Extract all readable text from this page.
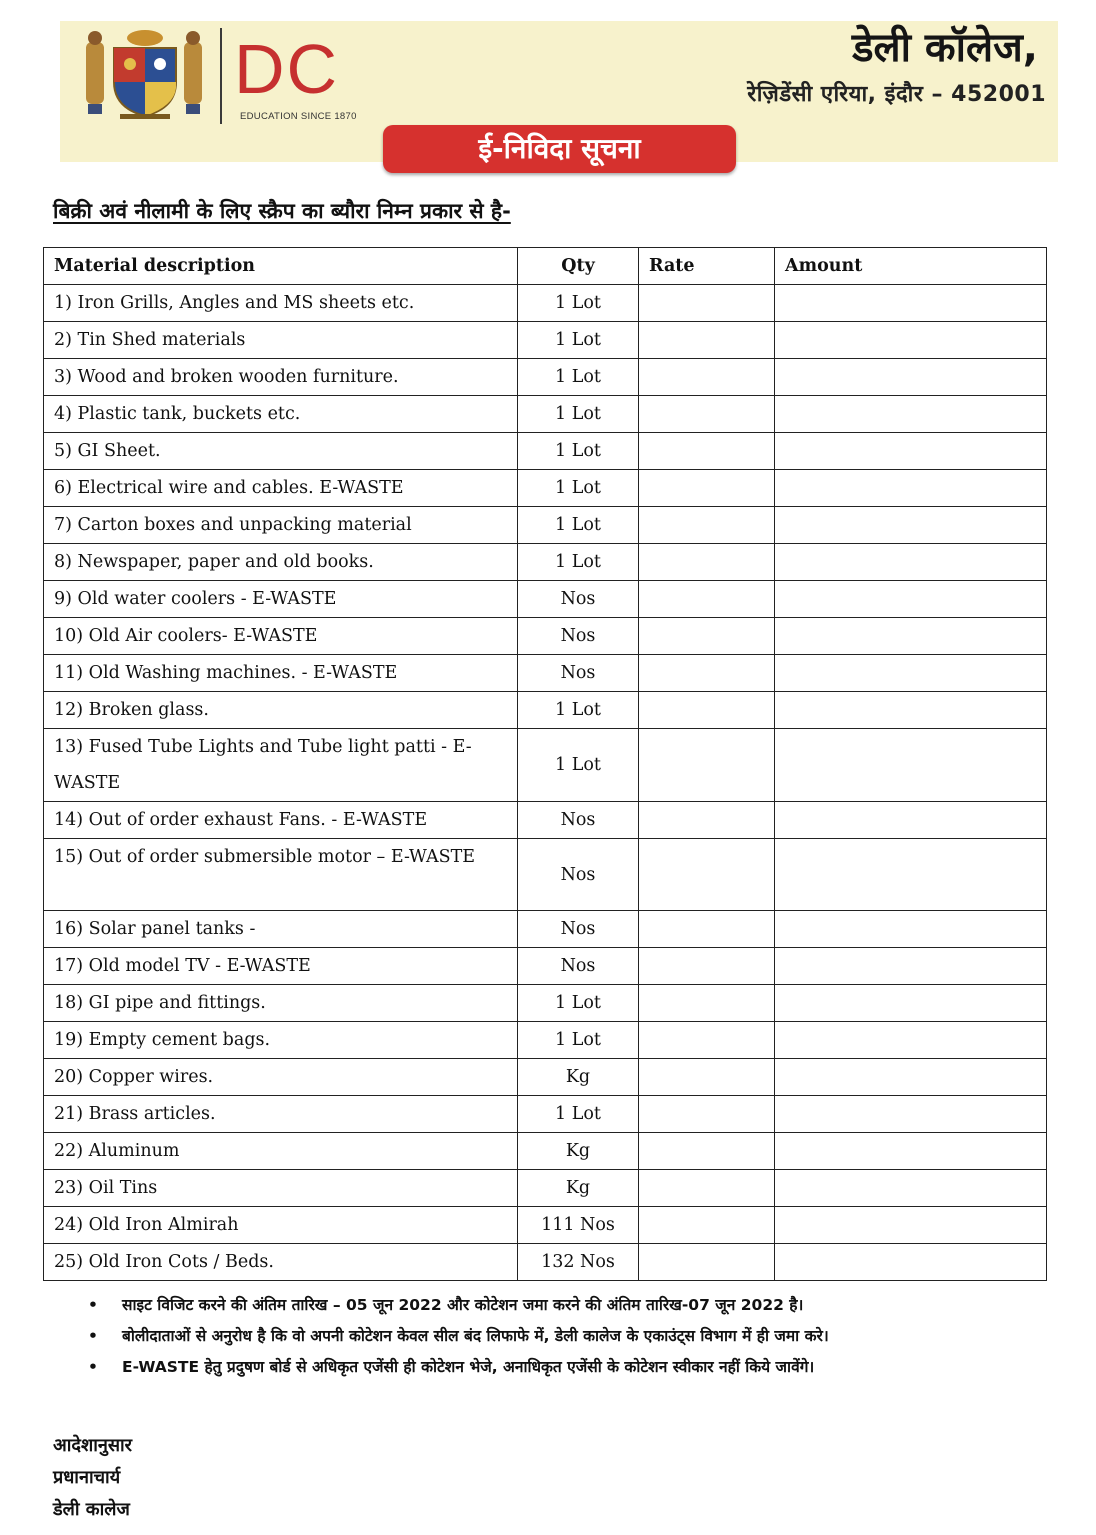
DC
EDUCATION SINCE 1870
डेली कॉलेज,
रेज़िडेंसी एरिया, इंदौर – 452001
ई-निविदा सूचना
बिक्री अवं नीलामी के लिए स्क्रैप का ब्यौरा निम्न प्रकार से है-
Material description	Qty	Rate	Amount
1) Iron Grills, Angles and MS sheets etc.	1 Lot		
2) Tin Shed materials	1 Lot		
3) Wood and broken wooden furniture.	1 Lot		
4) Plastic tank, buckets etc.	1 Lot		
5) GI Sheet.	1 Lot		
6) Electrical wire and cables. E-WASTE	1 Lot		
7) Carton boxes and unpacking material	1 Lot		
8) Newspaper, paper and old books.	1 Lot		
9) Old water coolers - E-WASTE	Nos		
10) Old Air coolers- E-WASTE	Nos		
11) Old Washing machines. - E-WASTE	Nos		
12) Broken glass.	1 Lot		
13) Fused Tube Lights and Tube light patti - E-WASTE	1 Lot		
14) Out of order exhaust Fans. - E-WASTE	Nos		
15) Out of order submersible motor – E-WASTE	Nos		
16) Solar panel tanks -	Nos		
17) Old model TV - E-WASTE	Nos		
18) GI pipe and fittings.	1 Lot		
19) Empty cement bags.	1 Lot		
20) Copper wires.	Kg		
21) Brass articles.	1 Lot		
22) Aluminum	Kg		
23) Oil Tins	Kg		
24) Old Iron Almirah	111 Nos		
25) Old Iron Cots / Beds.	132 Nos		
• साइट विजिट करने की अंतिम तारिख – 05 जून 2022 और कोटेशन जमा करने की अंतिम तारिख-07 जून 2022 है।
• बोलीदाताओं से अनुरोध है कि वो अपनी कोटेशन केवल सील बंद लिफाफे में, डेली कालेज के एकाउंट्स विभाग में ही जमा करे।
• E-WASTE हेतु प्रदुषण बोर्ड से अधिकृत एजेंसी ही कोटेशन भेजे, अनाधिकृत एजेंसी के कोटेशन स्वीकार नहीं किये जावेंगे।
आदेशानुसार
प्रधानाचार्य
डेली कालेज
